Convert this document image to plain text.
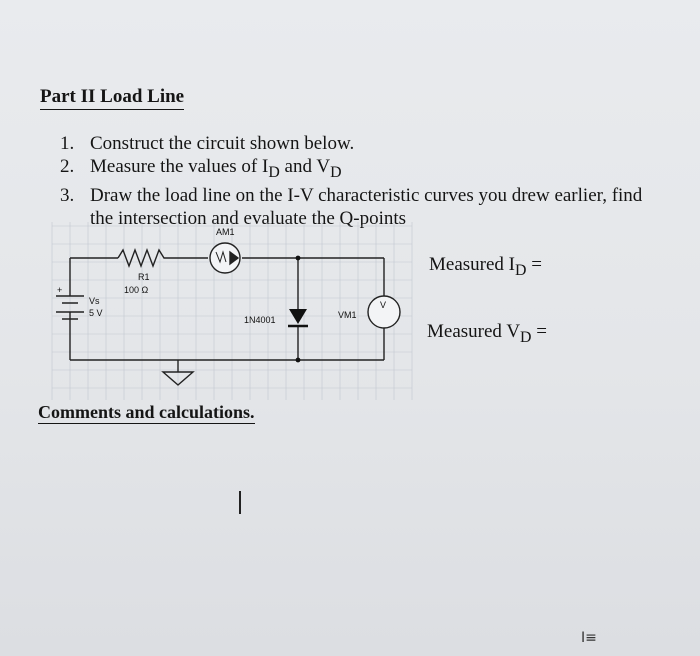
Part II Load Line
1. Construct the circuit shown below.
2. Measure the values of $I_D$ and $V_D$
3. Draw the load line on the I-V characteristic curves you drew earlier, find
the intersection and evaluate the Q-points
AM1
R1
100 Ω
+
Vs
5 V
1N4001	VM1
V
Measured $I_D$ =
Measured $V_D$ =
Comments and calculations.
I≡
